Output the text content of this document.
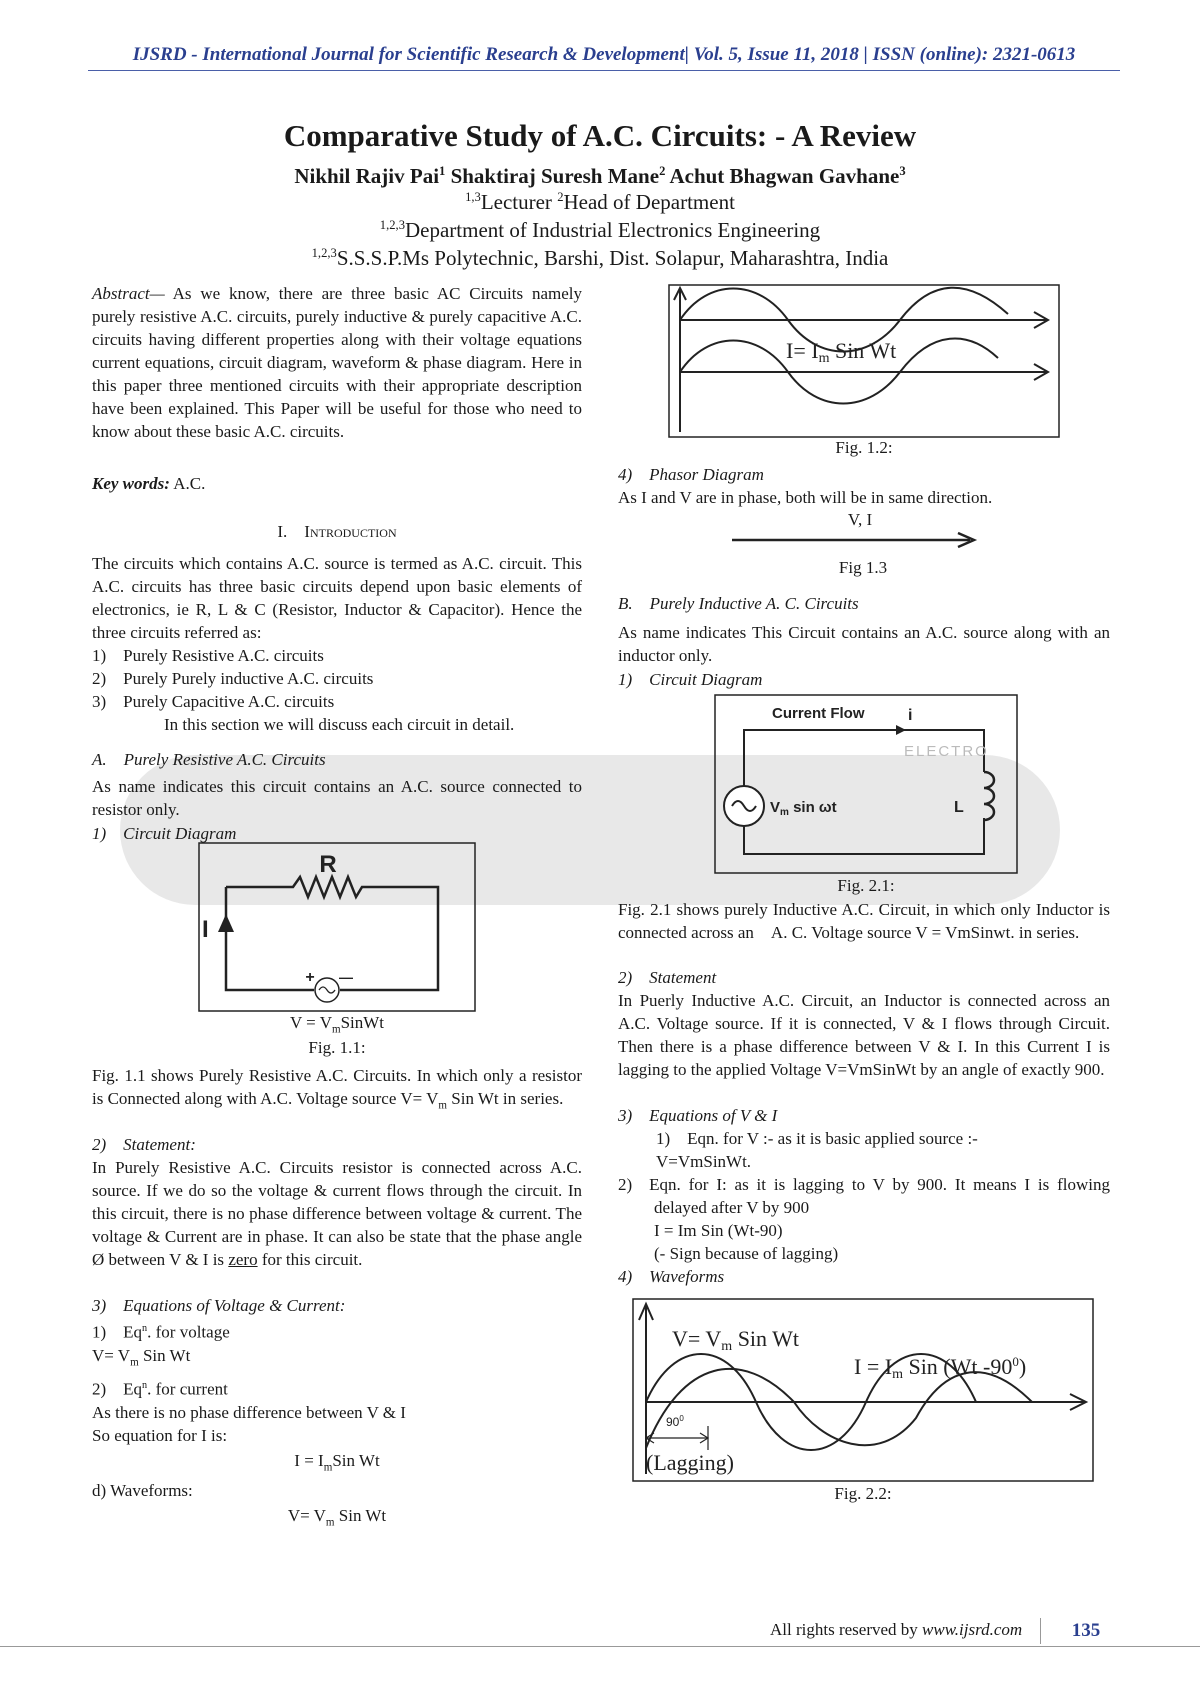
IJSRD - International Journal for Scientific Research & Development| Vol. 5, Issue 11, 2018 | ISSN (online): 2321-0613
Comparative Study of A.C. Circuits: - A Review
Nikhil Rajiv Pai$^1$ Shaktiraj Suresh Mane$^2$ Achut Bhagwan Gavhane$^3$
$^{1,3}$Lecturer $^2$Head of Department
$^{1,2,3}$Department of Industrial Electronics Engineering
$^{1,2,3}$S.S.S.P.Ms Polytechnic, Barshi, Dist. Solapur, Maharashtra, India
Abstract— As we know, there are three basic AC Circuits namely purely resistive A.C. circuits, purely inductive & purely capacitive A.C. circuits having different properties along with their voltage equations current equations, circuit diagram, waveform & phase diagram. Here in this paper three mentioned circuits with their appropriate description have been explained. This Paper will be useful for those who need to know about these basic A.C. circuits.
Key words: A.C.
I. Introduction
The circuits which contains A.C. source is termed as A.C. circuit. This A.C. circuits has three basic circuits depend upon basic elements of electronics, ie R, L & C (Resistor, Inductor & Capacitor). Hence the three circuits referred as:
1) Purely Resistive A.C. circuits
2) Purely Purely inductive A.C. circuits
3) Purely Capacitive A.C. circuits
In this section we will discuss each circuit in detail.
A. Purely Resistive A.C. Circuits
As name indicates this circuit contains an A.C. source connected to resistor only.
1) Circuit Diagram
R
I
+ —
$V = V_mSinWt$
Fig. 1.1:
Fig. 1.1 shows Purely Resistive A.C. Circuits. In which only a resistor is Connected along with A.C. Voltage source $V= V_m$ Sin Wt in series.
2) Statement:
In Purely Resistive A.C. Circuits resistor is connected across A.C. source. If we do so the voltage & current flows through the circuit. In this circuit, there is no phase difference between voltage & current. The voltage & Current are in phase. It can also be state that the phase angle Ø between V & I is zero for this circuit.
3) Equations of Voltage & Current:
1) Eq$^n$. for voltage
$V= V_m$ Sin Wt
2) Eq$^n$. for current
As there is no phase difference between V & I
So equation for I is:
$I = I_mSin$ Wt
d) Waveforms:
$V= V_m$ Sin Wt
I= Im Sin Wt
Fig. 1.2:
4) Phasor Diagram
As I and V are in phase, both will be in same direction.
V, I
Fig 1.3
B. Purely Inductive A. C. Circuits
As name indicates This Circuit contains an A.C. source along with an inductor only.
1) Circuit Diagram
Current Flow	i
$V_m$ sin ωt	L
ELECTRO
Fig. 2.1:
Fig. 2.1 shows purely Inductive A.C. Circuit, in which only Inductor is connected across an A. C. Voltage source V = VmSinwt. in series.
2) Statement
In Puerly Inductive A.C. Circuit, an Inductor is connected across an A.C. Voltage source. If it is connected, V & I flows through Circuit. Then there is a phase difference between V & I. In this Current I is lagging to the applied Voltage V=VmSinWt by an angle of exactly 900.
3) Equations of V & I
1) Eqn. for V :- as it is basic applied source :-
V=VmSinWt.
2) Eqn. for I: as it is lagging to V by 900. It means I is flowing delayed after V by 900
I = Im Sin (Wt-90)
(- Sign because of lagging)
4) Waveforms
V= Vm Sin Wt
I = Im Sin (Wt $-90^0$)
$90^0$
(Lagging)
Fig. 2.2:
All rights reserved by www.ijsrd.com	135
